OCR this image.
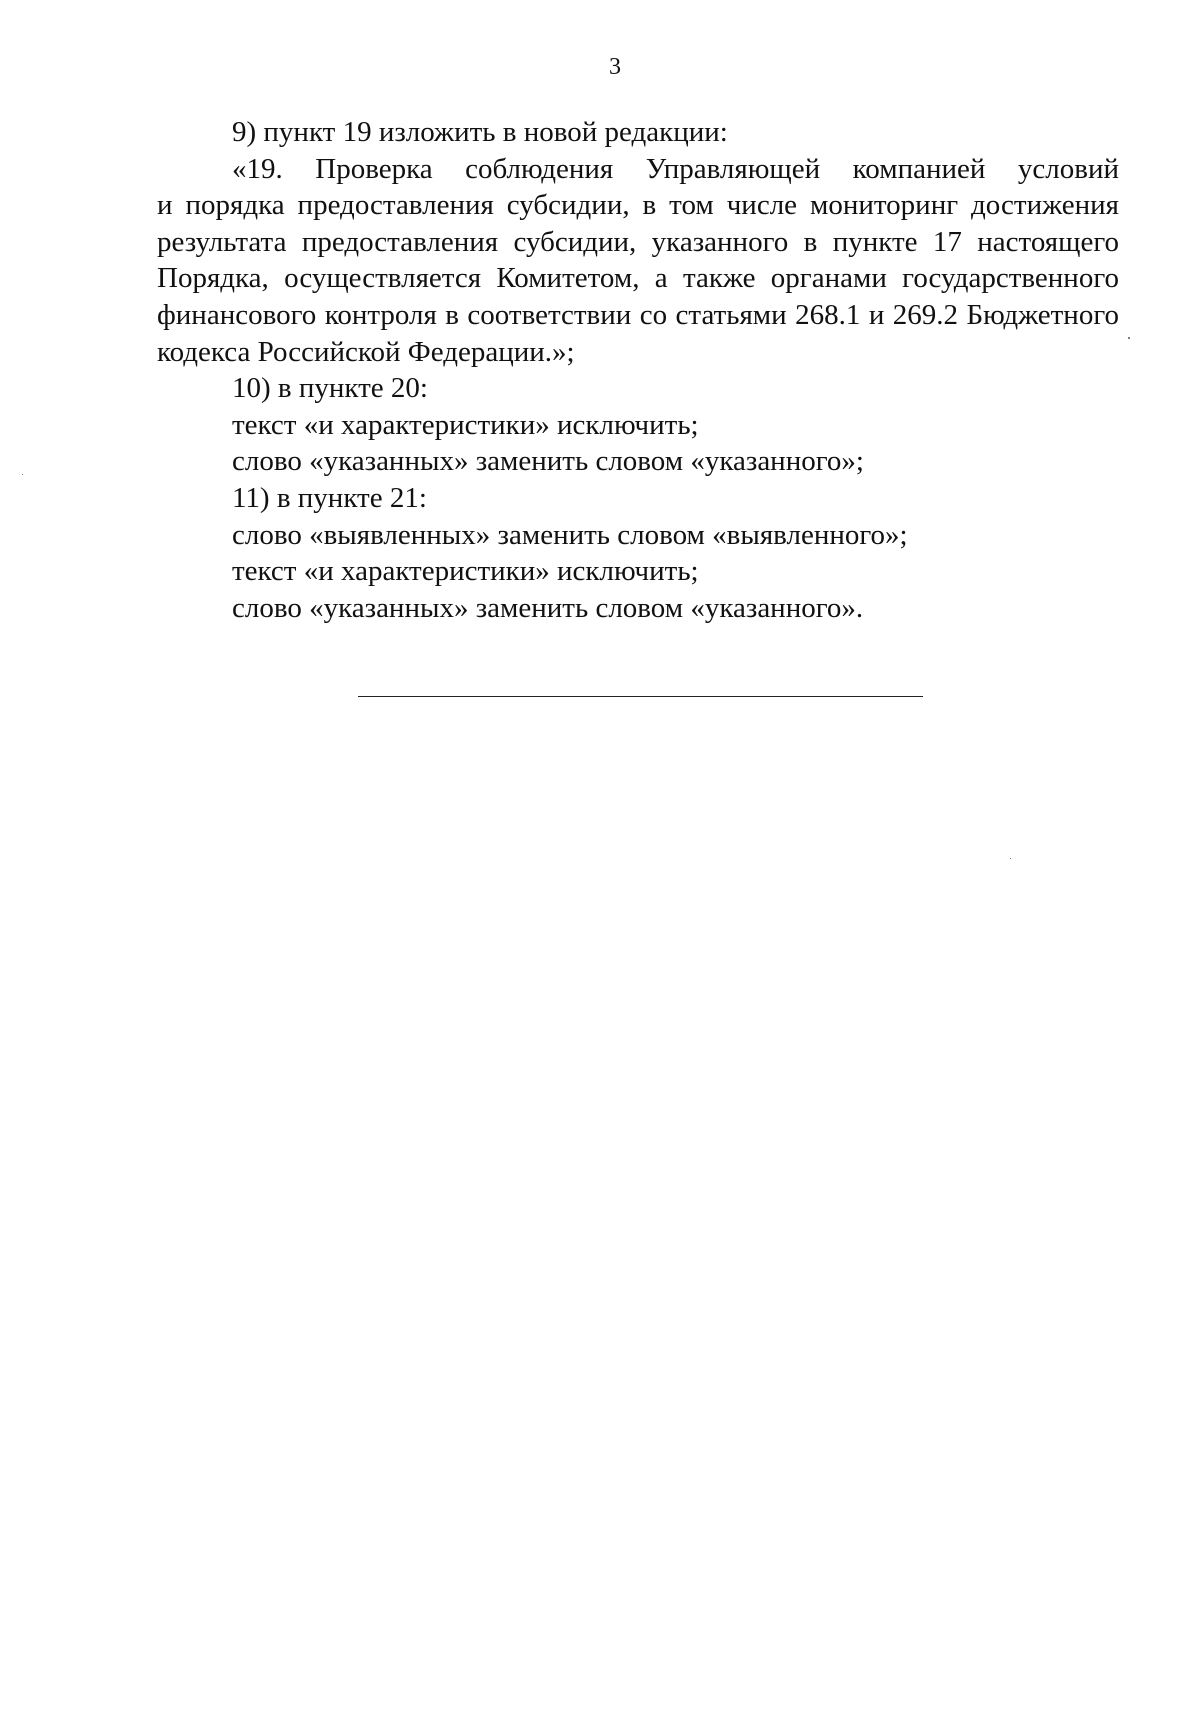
3
9) пункт 19 изложить в новой редакции:
«19. Проверка соблюдения Управляющей компанией условий
и порядка предоставления субсидии, в том числе мониторинг достижения
результата предоставления субсидии, указанного в пункте 17 настоящего
Порядка, осуществляется Комитетом, а также органами государственного
финансового контроля в соответствии со статьями 268.1 и 269.2 Бюджетного
кодекса Российской Федерации.»;
10) в пункте 20:
текст «и характеристики» исключить;
слово «указанных» заменить словом «указанного»;
11) в пункте 21:
слово «выявленных» заменить словом «выявленного»;
текст «и характеристики» исключить;
слово «указанных» заменить словом «указанного».
